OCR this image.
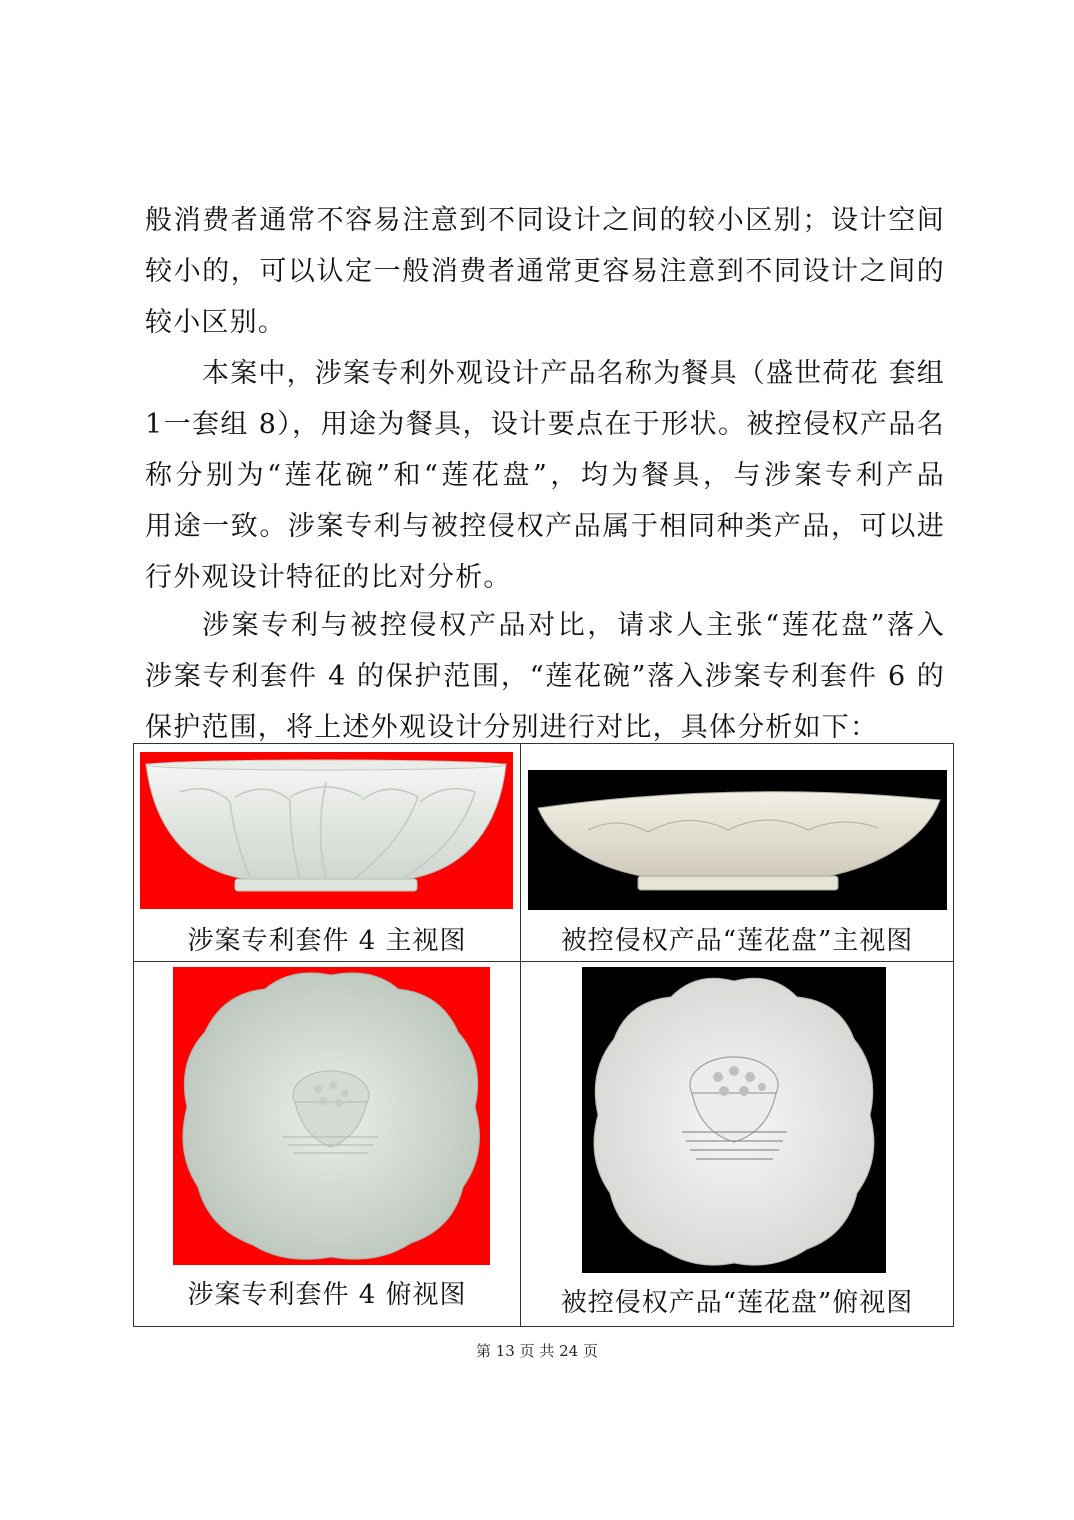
般消费者通常不容易注意到不同设计之间的较小区别；设计空间
较小的，可以认定一般消费者通常更容易注意到不同设计之间的
较小区别。
本案中，涉案专利外观设计产品名称为餐具（盛世荷花 套组
1一套组 8），用途为餐具，设计要点在于形状。被控侵权产品名
称分别为“莲花碗”和“莲花盘”，均为餐具，与涉案专利产品
用途一致。涉案专利与被控侵权产品属于相同种类产品，可以进
行外观设计特征的比对分析。
涉案专利与被控侵权产品对比，请求人主张“莲花盘”落入
涉案专利套件 4 的保护范围，“莲花碗”落入涉案专利套件 6 的
保护范围，将上述外观设计分别进行对比，具体分析如下：
涉案专利套件 4 主视图	被控侵权产品“莲花盘”主视图

涉案专利套件 4 俯视图	被控侵权产品“莲花盘”俯视图
第 13 页 共 24 页
